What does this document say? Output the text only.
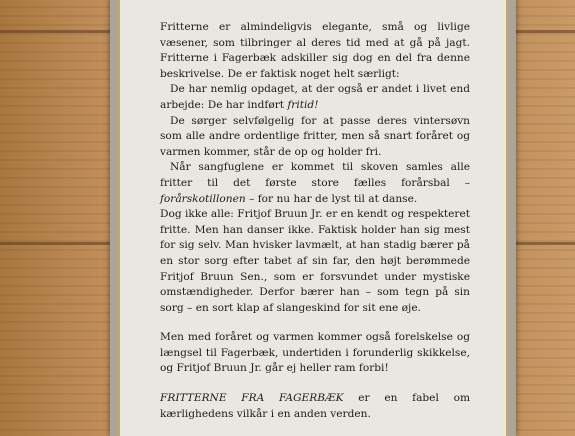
Fritterne er almindeligvis elegante, små og livlige væsener, som tilbringer al deres tid med at gå på jagt. Fritterne i Fagerbæk adskiller sig dog en del fra denne beskrivelse. De er faktisk noget helt særligt:

De har nemlig opdaget, at der også er andet i livet end arbejde: De har indført fritid!

De sørger selvfølgelig for at passe deres vintersøvn som alle andre ordentlige fritter, men så snart foråret og varmen kommer, står de op og holder fri.

Når sangfuglene er kommet til skoven samles alle fritter til det første store fælles forårsbal – forårskotillonen – for nu har de lyst til at danse.

Dog ikke alle: Fritjof Bruun Jr. er en kendt og respekteret fritte. Men han danser ikke. Faktisk holder han sig mest for sig selv. Man hvisker lavmælt, at han stadig bærer på en stor sorg efter tabet af sin far, den højt berømmede Fritjof Bruun Sen., som er forsvundet under mystiske omstændigheder. Derfor bærer han – som tegn på sin sorg – en sort klap af slangeskind for sit ene øje.

Men med foråret og varmen kommer også forelskelse og længsel til Fagerbæk, undertiden i forunderlig skikkelse, og Fritjof Bruun Jr. går ej heller ram forbi!

FRITTERNE FRA FAGERBÆK er en fabel om kærlighedens vilkår i en anden verden.
